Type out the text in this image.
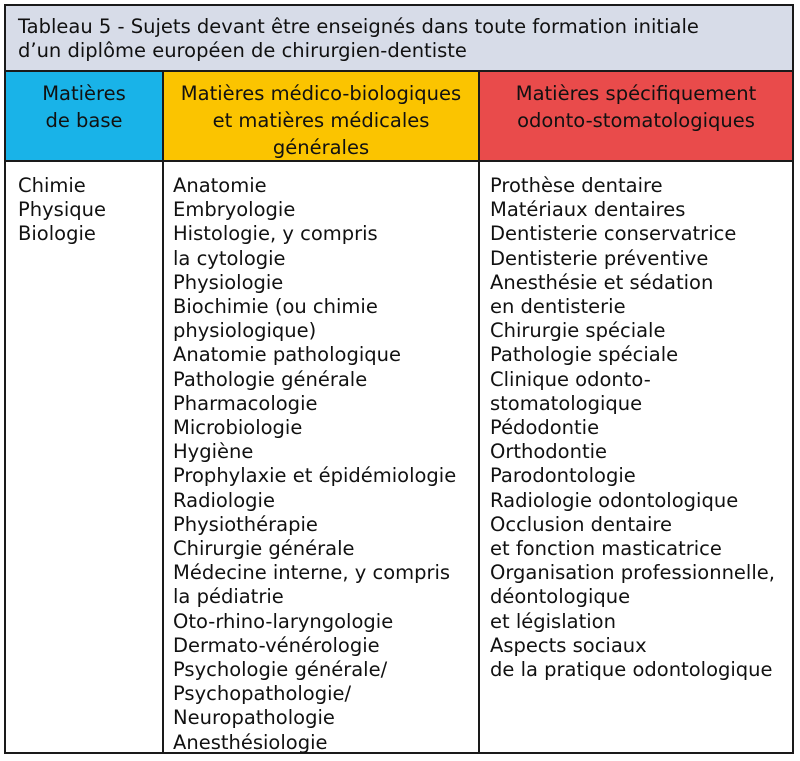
Tableau 5 - Sujets devant être enseignés dans toute formation initiale
d’un diplôme européen de chirurgien-dentiste
Matières
de base
Matières médico-biologiques
et matières médicales
générales
Matières spécifiquement
odonto-stomatologiques
Chimie
Physique
Biologie
Anatomie
Embryologie
Histologie, y compris
la cytologie
Physiologie
Biochimie (ou chimie
physiologique)
Anatomie pathologique
Pathologie générale
Pharmacologie
Microbiologie
Hygiène
Prophylaxie et épidémiologie
Radiologie
Physiothérapie
Chirurgie générale
Médecine interne, y compris
la pédiatrie
Oto-rhino-laryngologie
Dermato-vénérologie
Psychologie générale/
Psychopathologie/
Neuropathologie
Anesthésiologie
Prothèse dentaire
Matériaux dentaires
Dentisterie conservatrice
Dentisterie préventive
Anesthésie et sédation
en dentisterie
Chirurgie spéciale
Pathologie spéciale
Clinique odonto-
stomatologique
Pédodontie
Orthodontie
Parodontologie
Radiologie odontologique
Occlusion dentaire
et fonction masticatrice
Organisation professionnelle,
déontologique
et législation
Aspects sociaux
de la pratique odontologique
